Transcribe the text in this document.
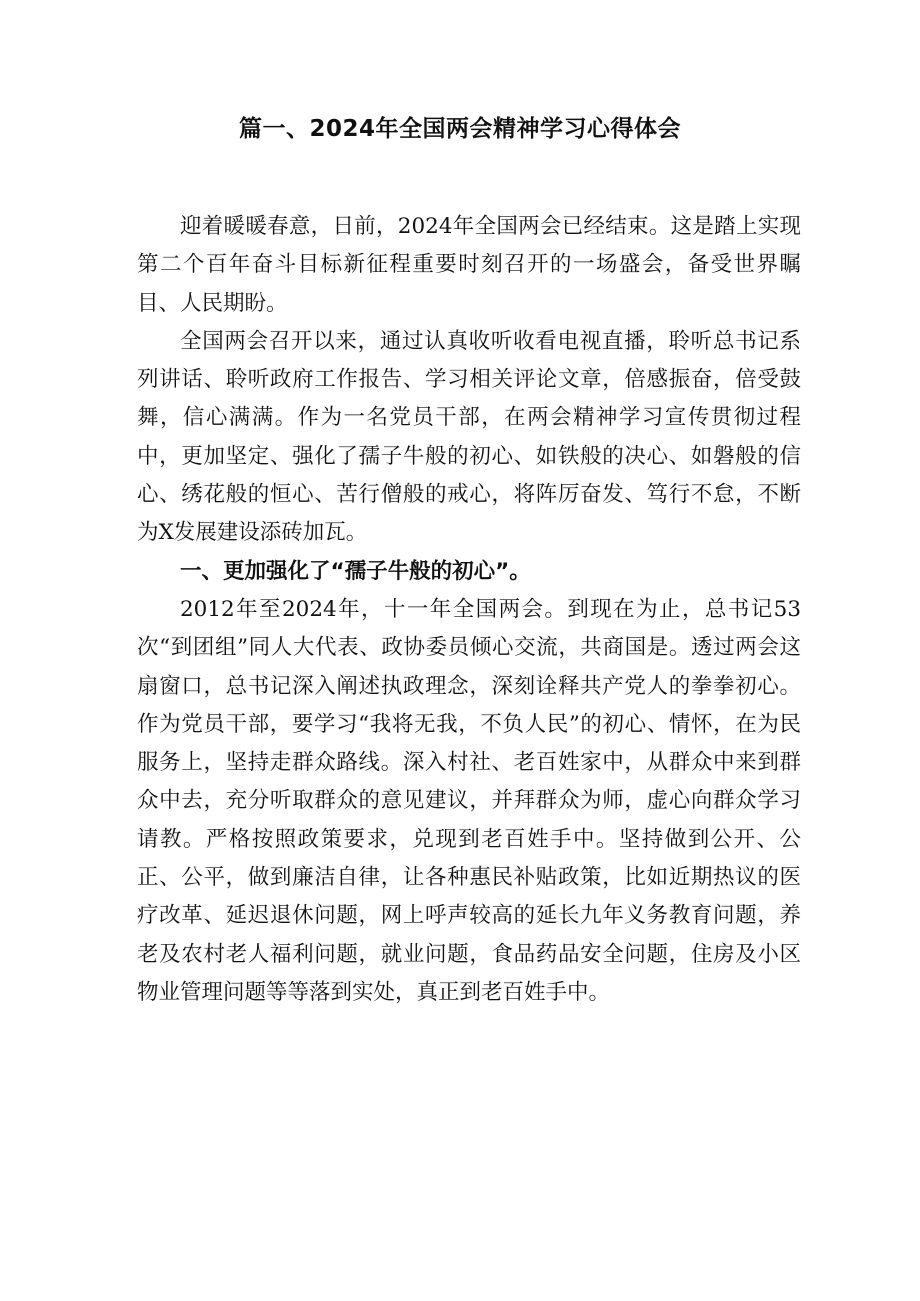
篇一、2024年全国两会精神学习心得体会

迎着暖暖春意，日前，2024年全国两会已经结束。这是踏上实现第二个百年奋斗目标新征程重要时刻召开的一场盛会，备受世界瞩目、人民期盼。

全国两会召开以来，通过认真收听收看电视直播，聆听总书记系列讲话、聆听政府工作报告、学习相关评论文章，倍感振奋，倍受鼓舞，信心满满。作为一名党员干部，在两会精神学习宣传贯彻过程中，更加坚定、强化了孺子牛般的初心、如铁般的决心、如磐般的信心、绣花般的恒心、苦行僧般的戒心，将阵厉奋发、笃行不怠，不断为X发展建设添砖加瓦。

一、更加强化了“孺子牛般的初心”。

2012年至2024年，十一年全国两会。到现在为止，总书记53次“到团组”同人大代表、政协委员倾心交流，共商国是。透过两会这扇窗口，总书记深入阐述执政理念，深刻诠释共产党人的拳拳初心。作为党员干部，要学习“我将无我，不负人民”的初心、情怀，在为民服务上，坚持走群众路线。深入村社、老百姓家中，从群众中来到群众中去，充分听取群众的意见建议，并拜群众为师，虚心向群众学习请教。严格按照政策要求，兑现到老百姓手中。坚持做到公开、公正、公平，做到廉洁自律，让各种惠民补贴政策，比如近期热议的医疗改革、延迟退休问题，网上呼声较高的延长九年义务教育问题，养老及农村老人福利问题，就业问题，食品药品安全问题，住房及小区物业管理问题等等落到实处，真正到老百姓手中。
